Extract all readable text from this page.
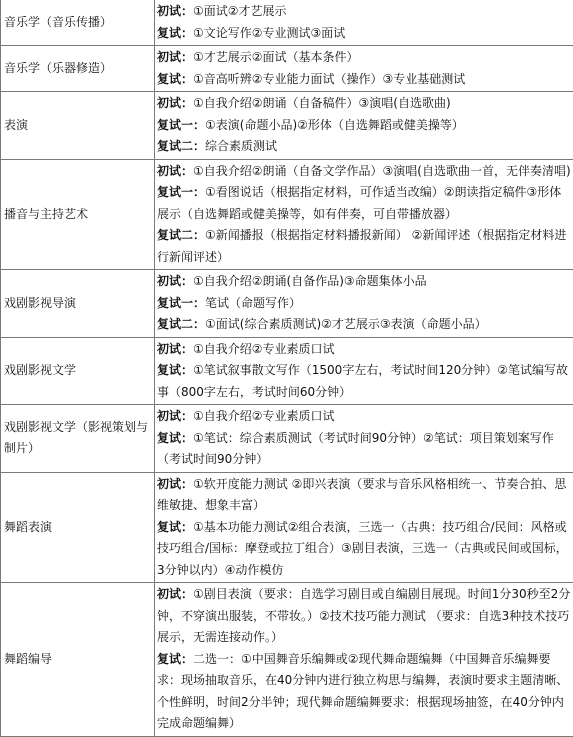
音乐学（音乐传播）	初试：①面试②才艺展示
复试：①文论写作②专业测试③面试

音乐学（乐器修造）	初试：①才艺展示②面试（基本条件）
复试：①音高听辨②专业能力面试（操作）③专业基础测试

表演	初试：①自我介绍②朗诵（自备稿件）③演唱(自选歌曲)
复试一：①表演(命题小品)②形体（自选舞蹈或健美操等）
复试二：综合素质测试

播音与主持艺术	初试：①自我介绍②朗诵（自备文学作品）③演唱(自选歌曲一首，无伴奏清唱)
复试一：①看图说话（根据指定材料，可作适当改编）②朗读指定稿件③形体展示（自选舞蹈或健美操等，如有伴奏，可自带播放器）
复试二：①新闻播报（根据指定材料播报新闻） ②新闻评述（根据指定材料进行新闻评述）

戏剧影视导演	初试：①自我介绍②朗诵(自备作品)③命题集体小品
复试一：笔试（命题写作）
复试二：①面试(综合素质测试)②才艺展示③表演（命题小品）

戏剧影视文学	初试：①自我介绍②专业素质口试
复试：①笔试叙事散文写作（1500字左右，考试时间120分钟）②笔试编写故事（800字左右，考试时间60分钟）

戏剧影视文学（影视策划与制片）	初试：①自我介绍②专业素质口试
复试：①笔试：综合素质测试（考试时间90分钟）②笔试：项目策划案写作（考试时间90分钟）

舞蹈表演	初试：①软开度能力测试 ②即兴表演（要求与音乐风格相统一、节奏合拍、思维敏捷、想象丰富）
复试：①基本功能力测试②组合表演，三选一（古典：技巧组合/民间：风格或技巧组合/国标：摩登或拉丁组合）③剧目表演，三选一（古典或民间或国标，3分钟以内）④动作模仿

舞蹈编导	初试：①剧目表演（要求：自选学习剧目或自编剧目展现。时间1分30秒至2分钟，不穿演出服装，不带妆。）②技术技巧能力测试 （要求：自选3种技术技巧展示，无需连接动作。）
复试：二选一：①中国舞音乐编舞或②现代舞命题编舞（中国舞音乐编舞要求：现场抽取音乐，在40分钟内进行独立构思与编舞，表演时要求主题清晰、个性鲜明，时间2分半钟；现代舞命题编舞要求：根据现场抽签，在40分钟内完成命题编舞）
